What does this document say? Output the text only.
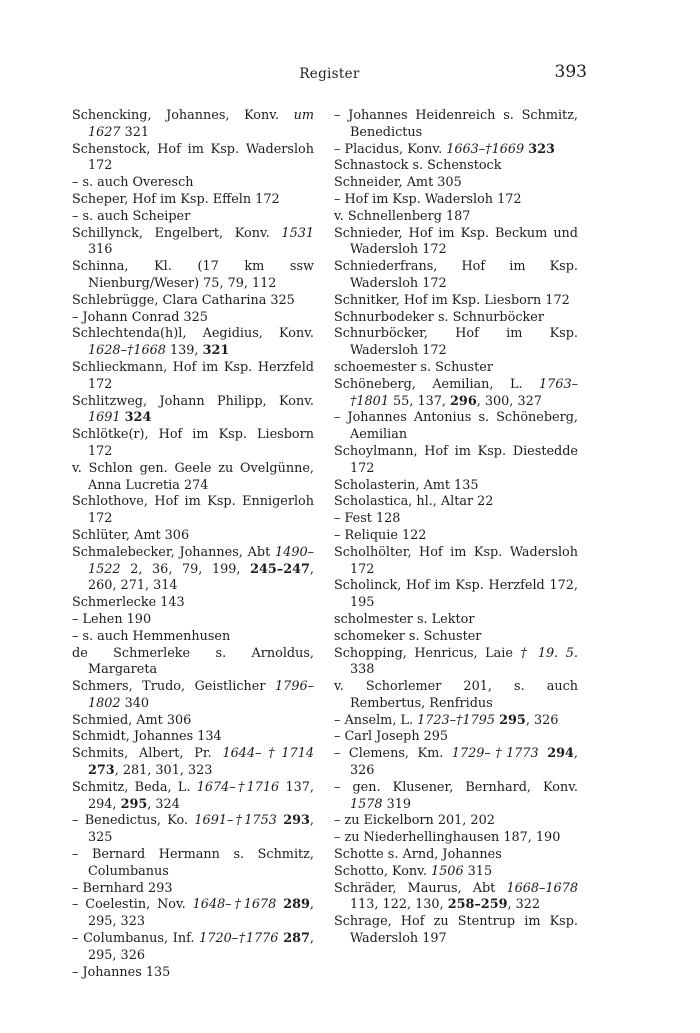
Register	393

Schencking, Johannes, Konv. um 1627 321

Schenstock, Hof im Ksp. Wadersloh 172

– s. auch Overesch

Scheper, Hof im Ksp. Effeln 172

– s. auch Scheiper

Schillynck, Engelbert, Konv. 1531 316

Schinna, Kl. (17 km ssw Nienburg/Weser) 75, 79, 112

Schlebrügge, Clara Catharina 325

– Johann Conrad 325

Schlechtenda(h)l, Aegidius, Konv. 1628–†1668 139, 321

Schlieckmann, Hof im Ksp. Herzfeld 172

Schlitzweg, Johann Philipp, Konv. 1691 324

Schlötke(r), Hof im Ksp. Liesborn 172

v. Schlon gen. Geele zu Ovelgünne, Anna Lucretia 274

Schlothove, Hof im Ksp. Ennigerloh 172

Schlüter, Amt 306

Schmalebecker, Johannes, Abt 1490–1522 2, 36, 79, 199, 245–247, 260, 271, 314

Schmerlecke 143

– Lehen 190

– s. auch Hemmenhusen

de Schmerleke s. Arnoldus, Margareta

Schmers, Trudo, Geistlicher 1796–1802 340

Schmied, Amt 306

Schmidt, Johannes 134

Schmits, Albert, Pr. 1644–†1714 273, 281, 301, 323

Schmitz, Beda, L. 1674–†1716 137, 294, 295, 324

– Benedictus, Ko. 1691–†1753 293, 325

– Bernard Hermann s. Schmitz, Columbanus

– Bernhard 293

– Coelestin, Nov. 1648–†1678 289, 295, 323

– Columbanus, Inf. 1720–†1776 287, 295, 326

– Johannes 135

– Johannes Heidenreich s. Schmitz, Benedictus

– Placidus, Konv. 1663–†1669 323

Schnastock s. Schenstock

Schneider, Amt 305

– Hof im Ksp. Wadersloh 172

v. Schnellenberg 187

Schnieder, Hof im Ksp. Beckum und Wadersloh 172

Schniederfrans, Hof im Ksp. Wadersloh 172

Schnitker, Hof im Ksp. Liesborn 172

Schnurbodeker s. Schnurböcker

Schnurböcker, Hof im Ksp. Wadersloh 172

schoemester s. Schuster

Schöneberg, Aemilian, L. 1763–†1801 55, 137, 296, 300, 327

– Johannes Antonius s. Schöneberg, Aemilian

Schoylmann, Hof im Ksp. Diestedde 172

Scholasterin, Amt 135

Scholastica, hl., Altar 22

– Fest 128

– Reliquie 122

Scholhölter, Hof im Ksp. Wadersloh 172

Scholinck, Hof im Ksp. Herzfeld 172, 195

scholmester s. Lektor

schomeker s. Schuster

Schopping, Henricus, Laie † 19. 5. 338

v. Schorlemer 201, s. auch Rembertus, Renfridus

– Anselm, L. 1723–†1795 295, 326

– Carl Joseph 295

– Clemens, Km. 1729–†1773 294, 326

– gen. Klusener, Bernhard, Konv. 1578 319

– zu Eickelborn 201, 202

– zu Niederhellinghausen 187, 190

Schotte s. Arnd, Johannes

Schotto, Konv. 1506 315

Schräder, Maurus, Abt 1668–1678 113, 122, 130, 258–259, 322

Schrage, Hof zu Stentrup im Ksp. Wadersloh 197
